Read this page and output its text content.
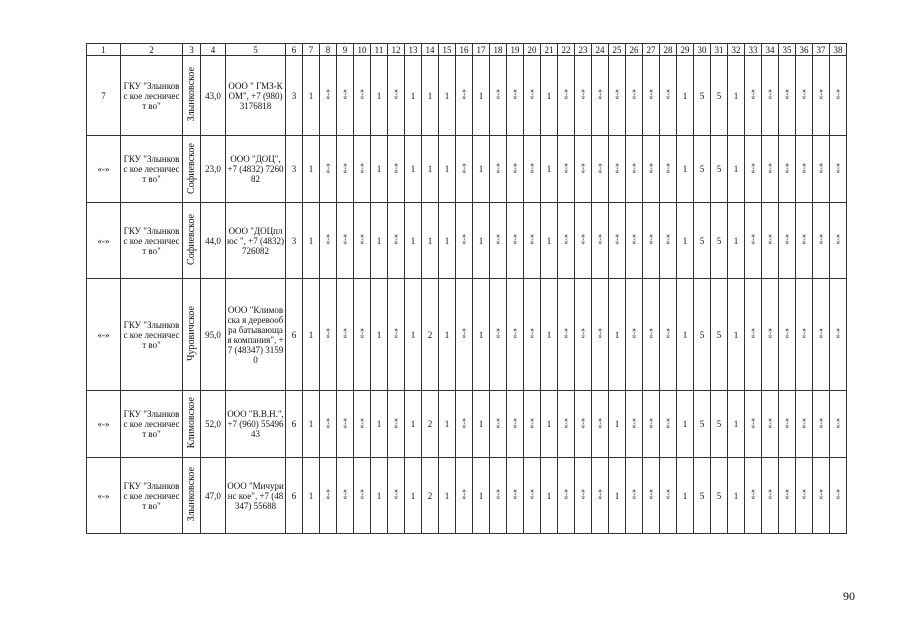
1	2	3	4	5	6	7	8	9	10	11	12	13	14	15	16	17	18	19	20	21	22	23	24	25	26	27	28	29	30	31	32	33	34	35	36	37	38
7	ГКУ "Злынковс кое лесничест во"	Злынковское	43,0	ООО " ГМЗ-КОМ", +7 (980) 3176818	3	1	«-»	«-»	«-»	1	«-»	1	1	1	«-»	1	«-»	«-»	«-»	1	«-»	«-»	«-»	«-»	«-»	«-»	«-»	1	5	5	1	«-»	«-»	«-»	«-»	«-»	«-»
«-»	ГКУ "Злынковс кое лесничест во"	Софиевское	23,0	ООО "ДОЦ", +7 (4832) 726082	3	1	«-»	«-»	«-»	1	«-»	1	1	1	«-»	1	«-»	«-»	«-»	1	«-»	«-»	«-»	«-»	«-»	«-»	«-»	1	5	5	1	«-»	«-»	«-»	«-»	«-»	«-»
«-»	ГКУ "Злынковс кое лесничест во"	Софиевское	44,0	ООО "ДОЦплюс ", +7 (4832) 726082	3	1	«-»	«-»	«-»	1	«-»	1	1	1	«-»	1	«-»	«-»	«-»	1	«-»	«-»	«-»	«-»	«-»	«-»	«-»	1	5	5	1	«-»	«-»	«-»	«-»	«-»	«-»
«-»	ГКУ "Злынковс кое лесничест во"	Чуровичское	95,0	ООО "Климовска я деревообра батывающа я компания", +7 (48347) 31590	6	1	«-»	«-»	«-»	1	«-»	1	2	1	«-»	1	«-»	«-»	«-»	1	«-»	«-»	«-»	1	«-»	«-»	«-»	1	5	5	1	«-»	«-»	«-»	«-»	«-»	«-»
«-»	ГКУ "Злынковс кое лесничест во"	Климовское	52,0	ООО "В.В.Н.", +7 (960) 5549643	6	1	«-»	«-»	«-»	1	«-»	1	2	1	«-»	1	«-»	«-»	«-»	1	«-»	«-»	«-»	1	«-»	«-»	«-»	1	5	5	1	«-»	«-»	«-»	«-»	«-»	«-»
«-»	ГКУ "Злынковс кое лесничест во"	Злынковское	47,0	ООО "Мичуринс кое", +7 (48347) 55688	6	1	«-»	«-»	«-»	1	«-»	1	2	1	«-»	1	«-»	«-»	«-»	1	«-»	«-»	«-»	1	«-»	«-»	«-»	1	5	5	1	«-»	«-»	«-»	«-»	«-»	«-»
90
